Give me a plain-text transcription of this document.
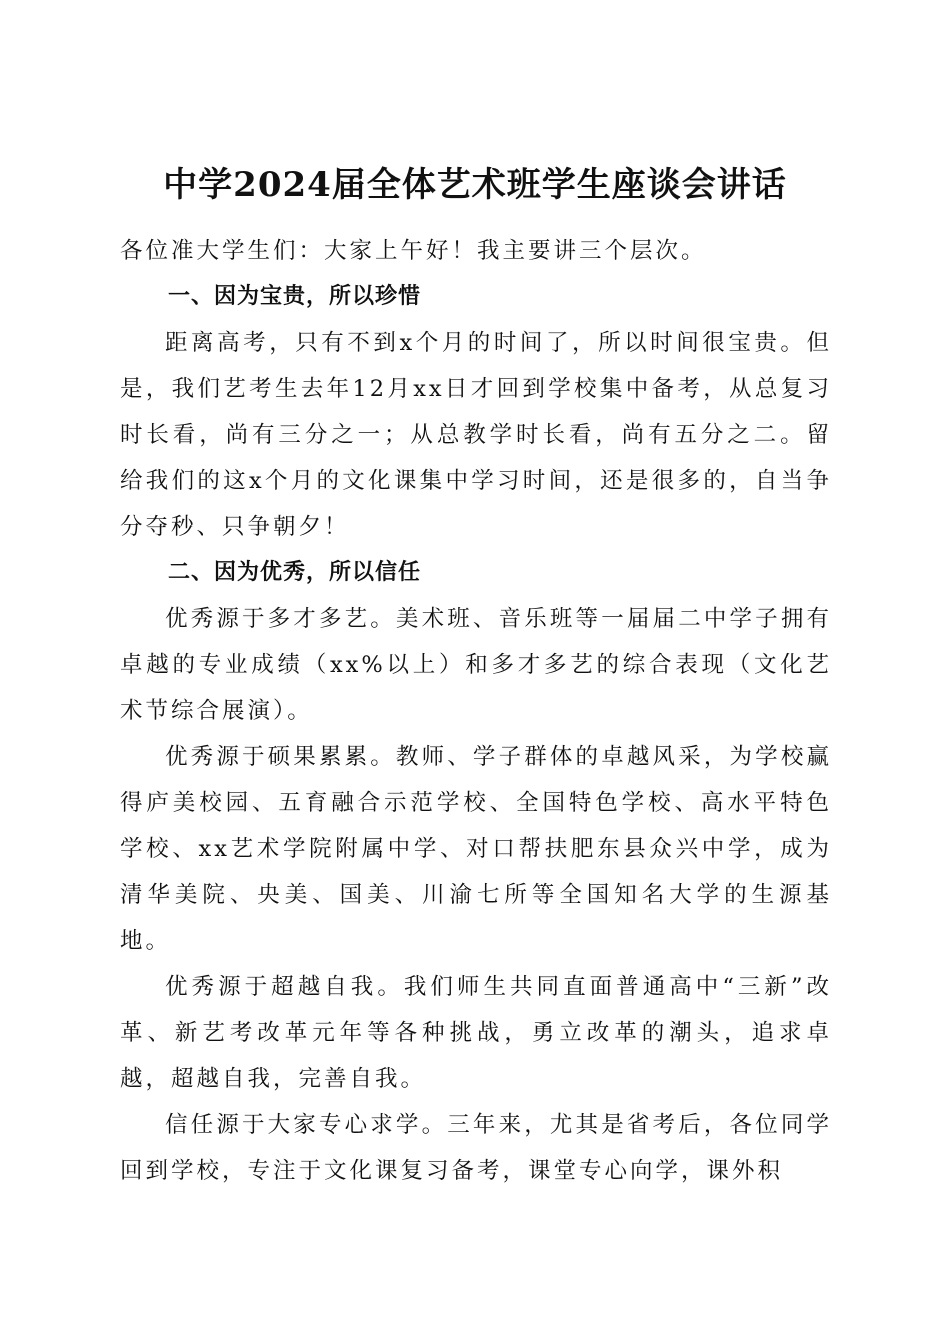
中学2024届全体艺术班学生座谈会讲话

各位准大学生们：大家上午好！我主要讲三个层次。

一、因为宝贵，所以珍惜

距离高考，只有不到x个月的时间了，所以时间很宝贵。但是，我们艺考生去年12月xx日才回到学校集中备考，从总复习时长看，尚有三分之一；从总教学时长看，尚有五分之二。留给我们的这x个月的文化课集中学习时间，还是很多的，自当争分夺秒、只争朝夕！

二、因为优秀，所以信任

优秀源于多才多艺。美术班、音乐班等一届届二中学子拥有卓越的专业成绩（xx%以上）和多才多艺的综合表现（文化艺术节综合展演）。

优秀源于硕果累累。教师、学子群体的卓越风采，为学校赢得庐美校园、五育融合示范学校、全国特色学校、高水平特色学校、xx艺术学院附属中学、对口帮扶肥东县众兴中学，成为清华美院、央美、国美、川渝七所等全国知名大学的生源基地。

优秀源于超越自我。我们师生共同直面普通高中“三新”改革、新艺考改革元年等各种挑战，勇立改革的潮头，追求卓越，超越自我，完善自我。

信任源于大家专心求学。三年来，尤其是省考后，各位同学回到学校，专注于文化课复习备考，课堂专心向学，课外积
